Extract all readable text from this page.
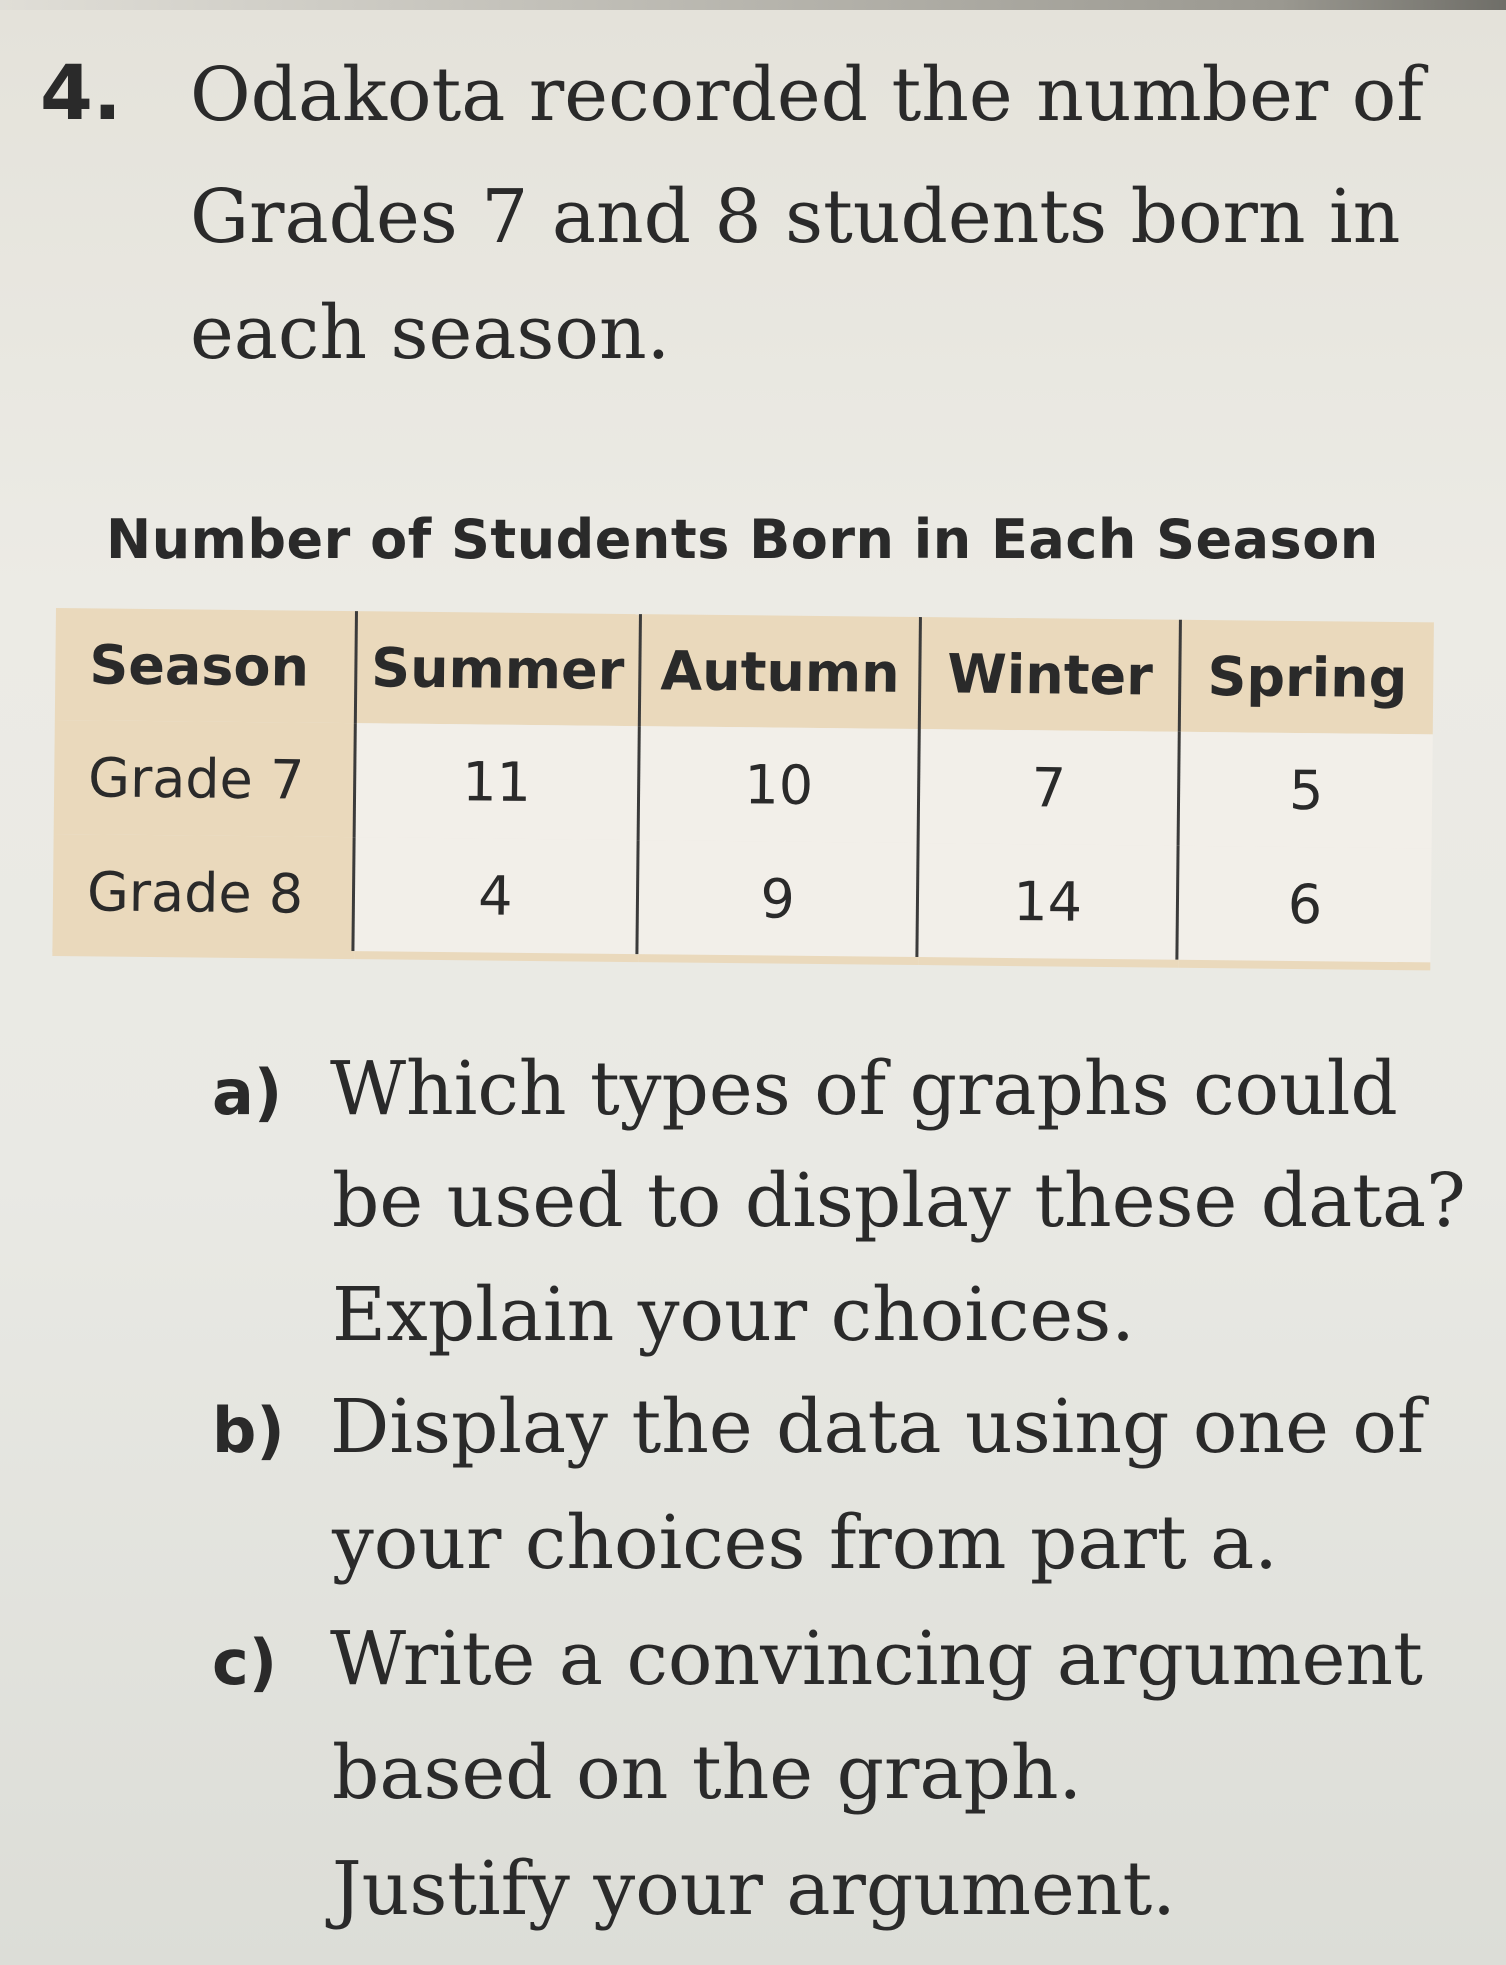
4. Odakota recorded the number of
Grades 7 and 8 students born in
each season.
Number of Students Born in Each Season
Season	Summer	Autumn	Winter	Spring
Grade 7	11	10	7	5
Grade 8	4	9	14	6
a) Which types of graphs could
be used to display these data?
Explain your choices.
b) Display the data using one of
your choices from part a.
c) Write a convincing argument
based on the graph.
Justify your argument.
